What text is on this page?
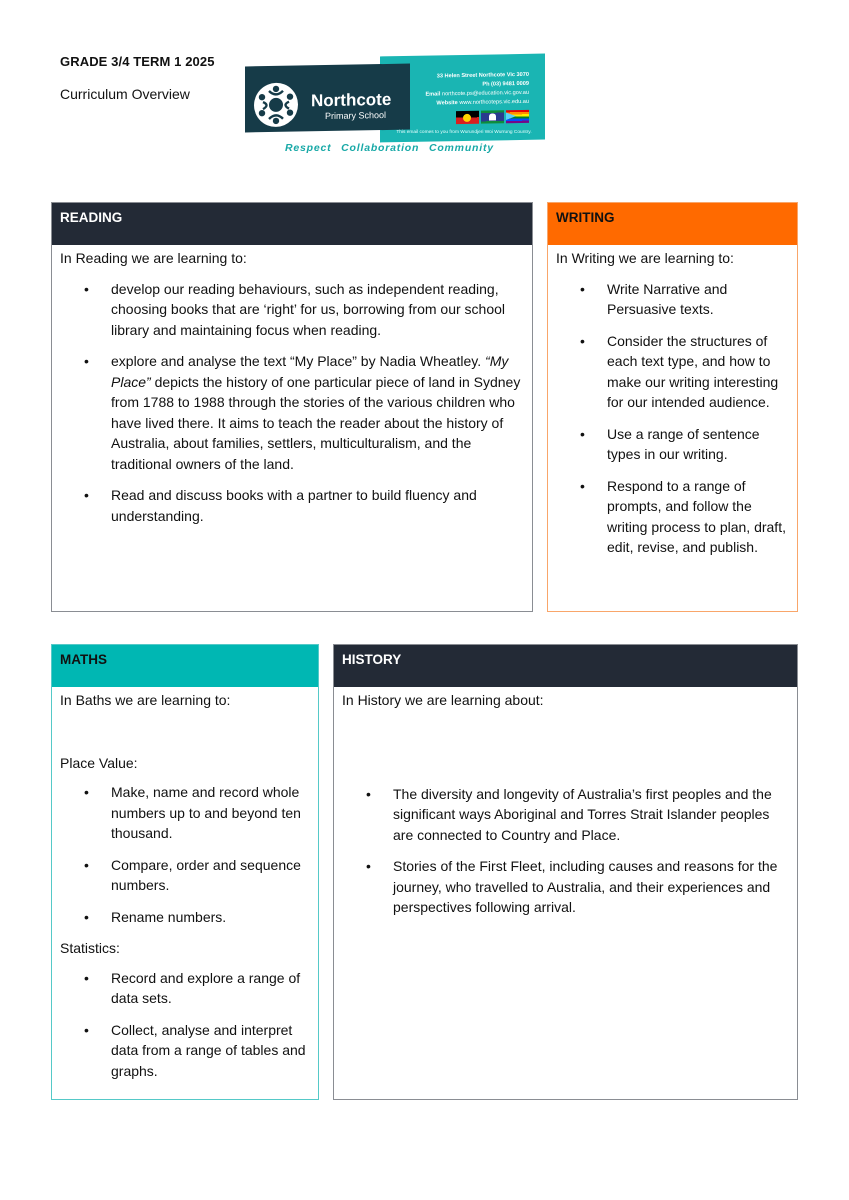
GRADE 3/4 TERM 1 2025
Curriculum Overview
33 Helen Street Northcote Vic 3070
Ph (03) 9481 0009
Email northcote.ps@education.vic.gov.au
Website www.northcoteps.vic.edu.au
Northcote
Primary School
This email comes to you from Wurundjeri Woi Wurrung Country.
Respect Collaboration Community
READING

In Reading we are learning to:

• develop our reading behaviours, such as independent reading, choosing books that are ‘right’ for us, borrowing from our school library and maintaining focus when reading.
• explore and analyse the text “My Place” by Nadia Wheatley. “My Place” depicts the history of one particular piece of land in Sydney from 1788 to 1988 through the stories of the various children who have lived there. It aims to teach the reader about the history of Australia, about families, settlers, multiculturalism, and the traditional owners of the land.
• Read and discuss books with a partner to build fluency and understanding.
WRITING

In Writing we are learning to:

• Write Narrative and Persuasive texts.
• Consider the structures of each text type, and how to make our writing interesting for our intended audience.
• Use a range of sentence types in our writing.
• Respond to a range of prompts, and follow the writing process to plan, draft, edit, revise, and publish.
MATHS

In Baths we are learning to:

Place Value:

• Make, name and record whole numbers up to and beyond ten thousand.
• Compare, order and sequence numbers.
• Rename numbers.

Statistics:

• Record and explore a range of data sets.
• Collect, analyse and interpret data from a range of tables and graphs.
HISTORY

In History we are learning about:

• The diversity and longevity of Australia’s first peoples and the significant ways Aboriginal and Torres Strait Islander peoples are connected to Country and Place.
• Stories of the First Fleet, including causes and reasons for the journey, who travelled to Australia, and their experiences and perspectives following arrival.
